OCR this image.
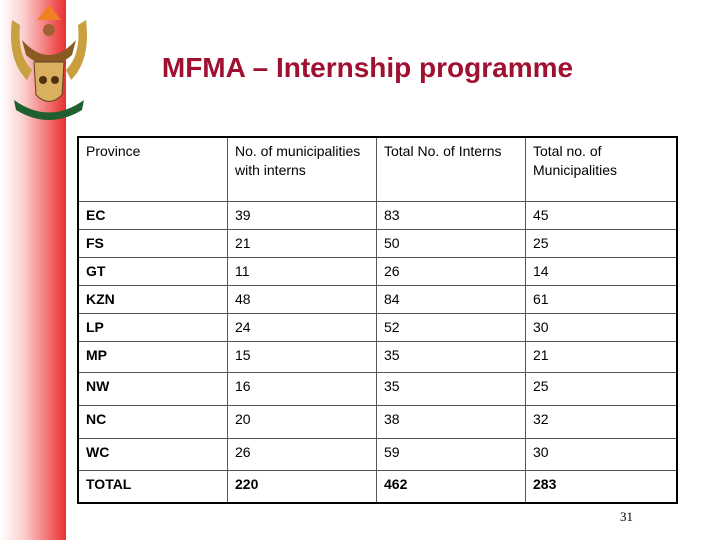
MFMA – Internship programme
Province	No. of municipalities with interns	Total No. of Interns	Total no. of Municipalities
EC	39	83	45
FS	21	50	25
GT	11	26	14
KZN	48	84	61
LP	24	52	30
MP	15	35	21
NW	16	35	25
NC	20	38	32
WC	26	59	30
TOTAL	220	462	283
31
